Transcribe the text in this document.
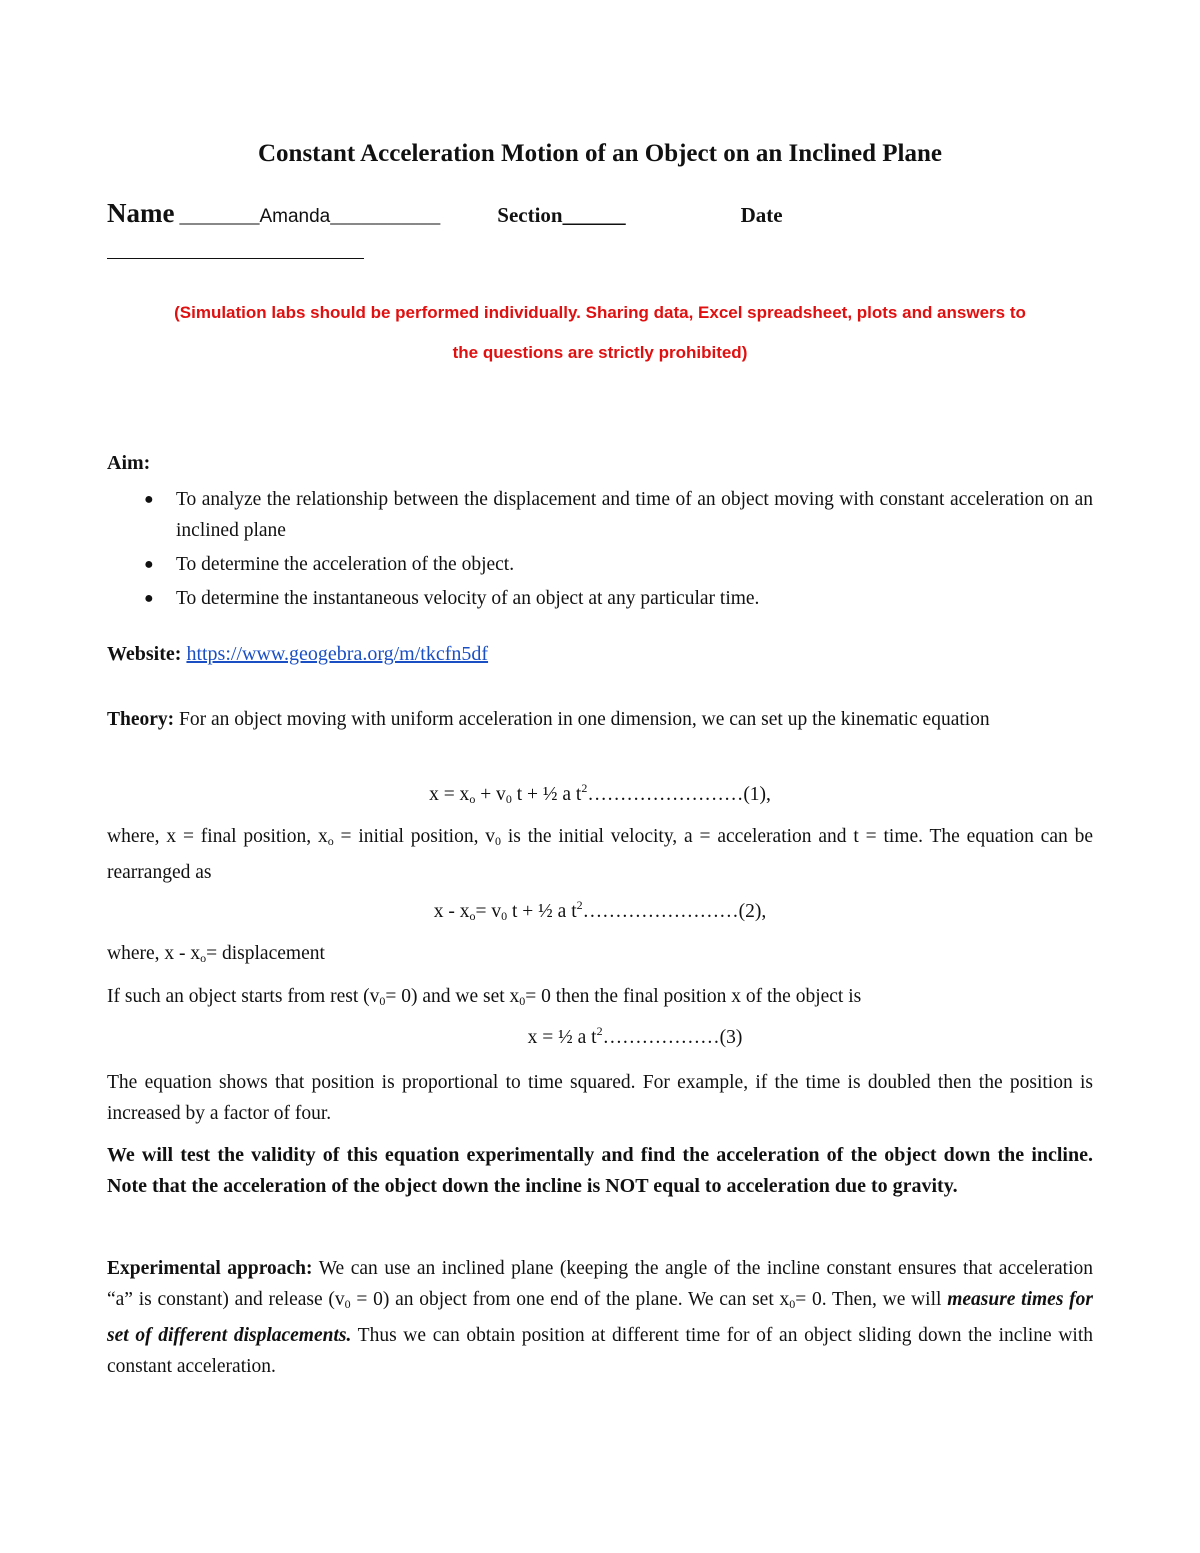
Constant Acceleration Motion of an Object on an Inclined Plane
Name ________Amanda___________	Section______	Date
(Simulation labs should be performed individually. Sharing data, Excel spreadsheet, plots and answers to
the questions are strictly prohibited)
Aim:
● To analyze the relationship between the displacement and time of an object moving with constant acceleration on an inclined plane
● To determine the acceleration of the object.
● To determine the instantaneous velocity of an object at any particular time.
Website: https://www.geogebra.org/m/tkcfn5df

Theory: For an object moving with uniform acceleration in one dimension, we can set up the kinematic equation

$x = x_o + v_0$ t + ½ a $t^2\dots\dots\dots\dots\dots\dots\dots\dots(1)$,

where, x = final position, $x_o$ = initial position, $v_0$ is the initial velocity, a = acceleration and t = time. The equation can be rearranged as

$x - x_o= v_0$ t + ½ a $t^2\dots\dots\dots\dots\dots\dots\dots\dots(2)$,

where, $x - x_o=$ displacement

If such an object starts from rest $(v_0= 0)$ and we set $x_0= 0$ then the final position x of the object is

x = ½ a $t^2\dots\dots\dots\dots\dots\dots(3)$

The equation shows that position is proportional to time squared. For example, if the time is doubled then the position is increased by a factor of four.

We will test the validity of this equation experimentally and find the acceleration of the object down the incline. Note that the acceleration of the object down the incline is NOT equal to acceleration due to gravity.

Experimental approach: We can use an inclined plane (keeping the angle of the incline constant ensures that acceleration “a” is constant) and release $(v_0 = 0)$ an object from one end of the plane. We can set $x_0= 0$. Then, we will measure times for set of different displacements. Thus we can obtain position at different time for of an object sliding down the incline with constant acceleration.
